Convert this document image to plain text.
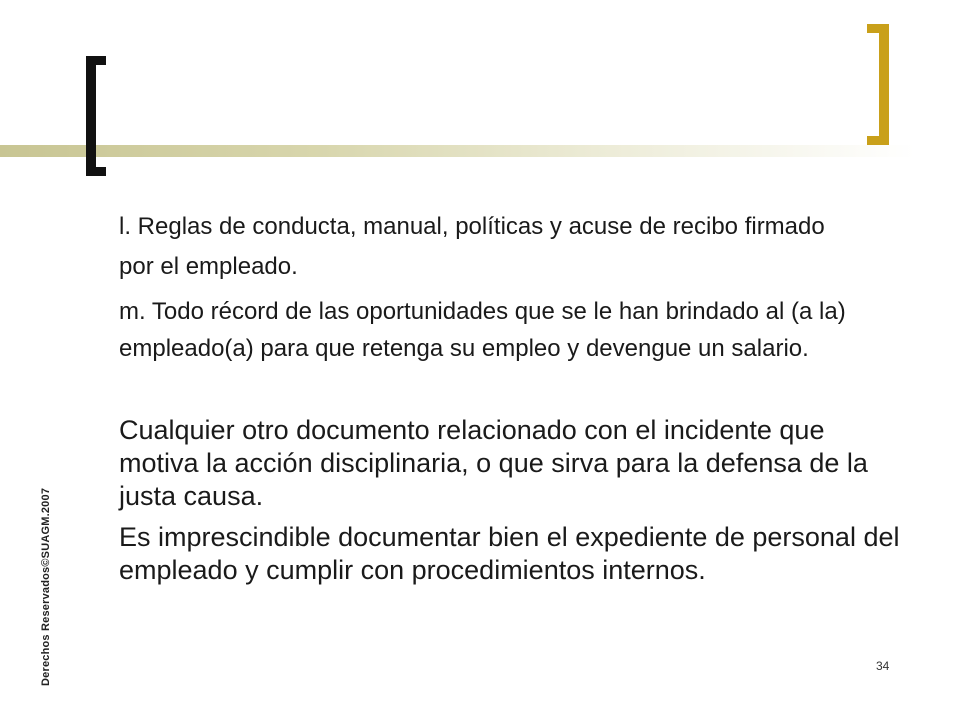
l. Reglas de conducta, manual, políticas y acuse de recibo firmado por el empleado.

m. Todo récord de las oportunidades que se le han brindado al (a la) empleado(a) para que retenga su empleo y devengue un salario.

Cualquier otro documento relacionado con el incidente que motiva la acción disciplinaria, o que sirva para la defensa de la justa causa.

Es imprescindible documentar bien el expediente de personal del empleado y cumplir con procedimientos internos.

Derechos Reservados©SUAGM.2007	34
